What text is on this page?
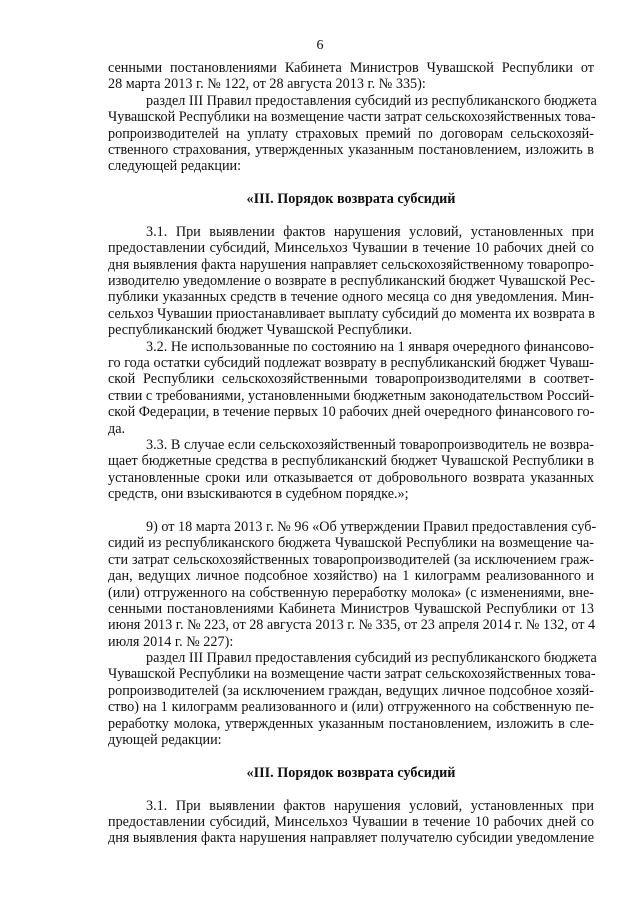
6
сенными постановлениями Кабинета Министров Чувашской Республики от
28 марта 2013 г. № 122, от 28 августа 2013 г. № 335):
раздел III Правил предоставления субсидий из республиканского бюджета
Чувашской Республики на возмещение части затрат сельскохозяйственных това-
ропроизводителей на уплату страховых премий по договорам сельскохозяй-
ственного страхования, утвержденных указанным постановлением, изложить в
следующей редакции:
«III. Порядок возврата субсидий
3.1. При выявлении фактов нарушения условий, установленных при
предоставлении субсидий, Минсельхоз Чувашии в течение 10 рабочих дней со
дня выявления факта нарушения направляет сельскохозяйственному товаропро-
изводителю уведомление о возврате в республиканский бюджет Чувашской Рес-
публики указанных средств в течение одного месяца со дня уведомления. Мин-
сельхоз Чувашии приостанавливает выплату субсидий до момента их возврата в
республиканский бюджет Чувашской Республики.
3.2. Не использованные по состоянию на 1 января очередного финансово-
го года остатки субсидий подлежат возврату в республиканский бюджет Чуваш-
ской Республики сельскохозяйственными товаропроизводителями в соответ-
ствии с требованиями, установленными бюджетным законодательством Россий-
ской Федерации, в течение первых 10 рабочих дней очередного финансового го-
да.
3.3. В случае если сельскохозяйственный товаропроизводитель не возвра-
щает бюджетные средства в республиканский бюджет Чувашской Республики в
установленные сроки или отказывается от добровольного возврата указанных
средств, они взыскиваются в судебном порядке.»;
9) от 18 марта 2013 г. № 96 «Об утверждении Правил предоставления суб-
сидий из республиканского бюджета Чувашской Республики на возмещение ча-
сти затрат сельскохозяйственных товаропроизводителей (за исключением граж-
дан, ведущих личное подсобное хозяйство) на 1 килограмм реализованного и
(или) отгруженного на собственную переработку молока» (с изменениями, вне-
сенными постановлениями Кабинета Министров Чувашской Республики от 13
июня 2013 г. № 223, от 28 августа 2013 г. № 335, от 23 апреля 2014 г. № 132, от 4
июля 2014 г. № 227):
раздел III Правил предоставления субсидий из республиканского бюджета
Чувашской Республики на возмещение части затрат сельскохозяйственных това-
ропроизводителей (за исключением граждан, ведущих личное подсобное хозяй-
ство) на 1 килограмм реализованного и (или) отгруженного на собственную пе-
реработку молока, утвержденных указанным постановлением, изложить в сле-
дующей редакции:
«III. Порядок возврата субсидий
3.1. При выявлении фактов нарушения условий, установленных при
предоставлении субсидий, Минсельхоз Чувашии в течение 10 рабочих дней со
дня выявления факта нарушения направляет получателю субсидии уведомление
